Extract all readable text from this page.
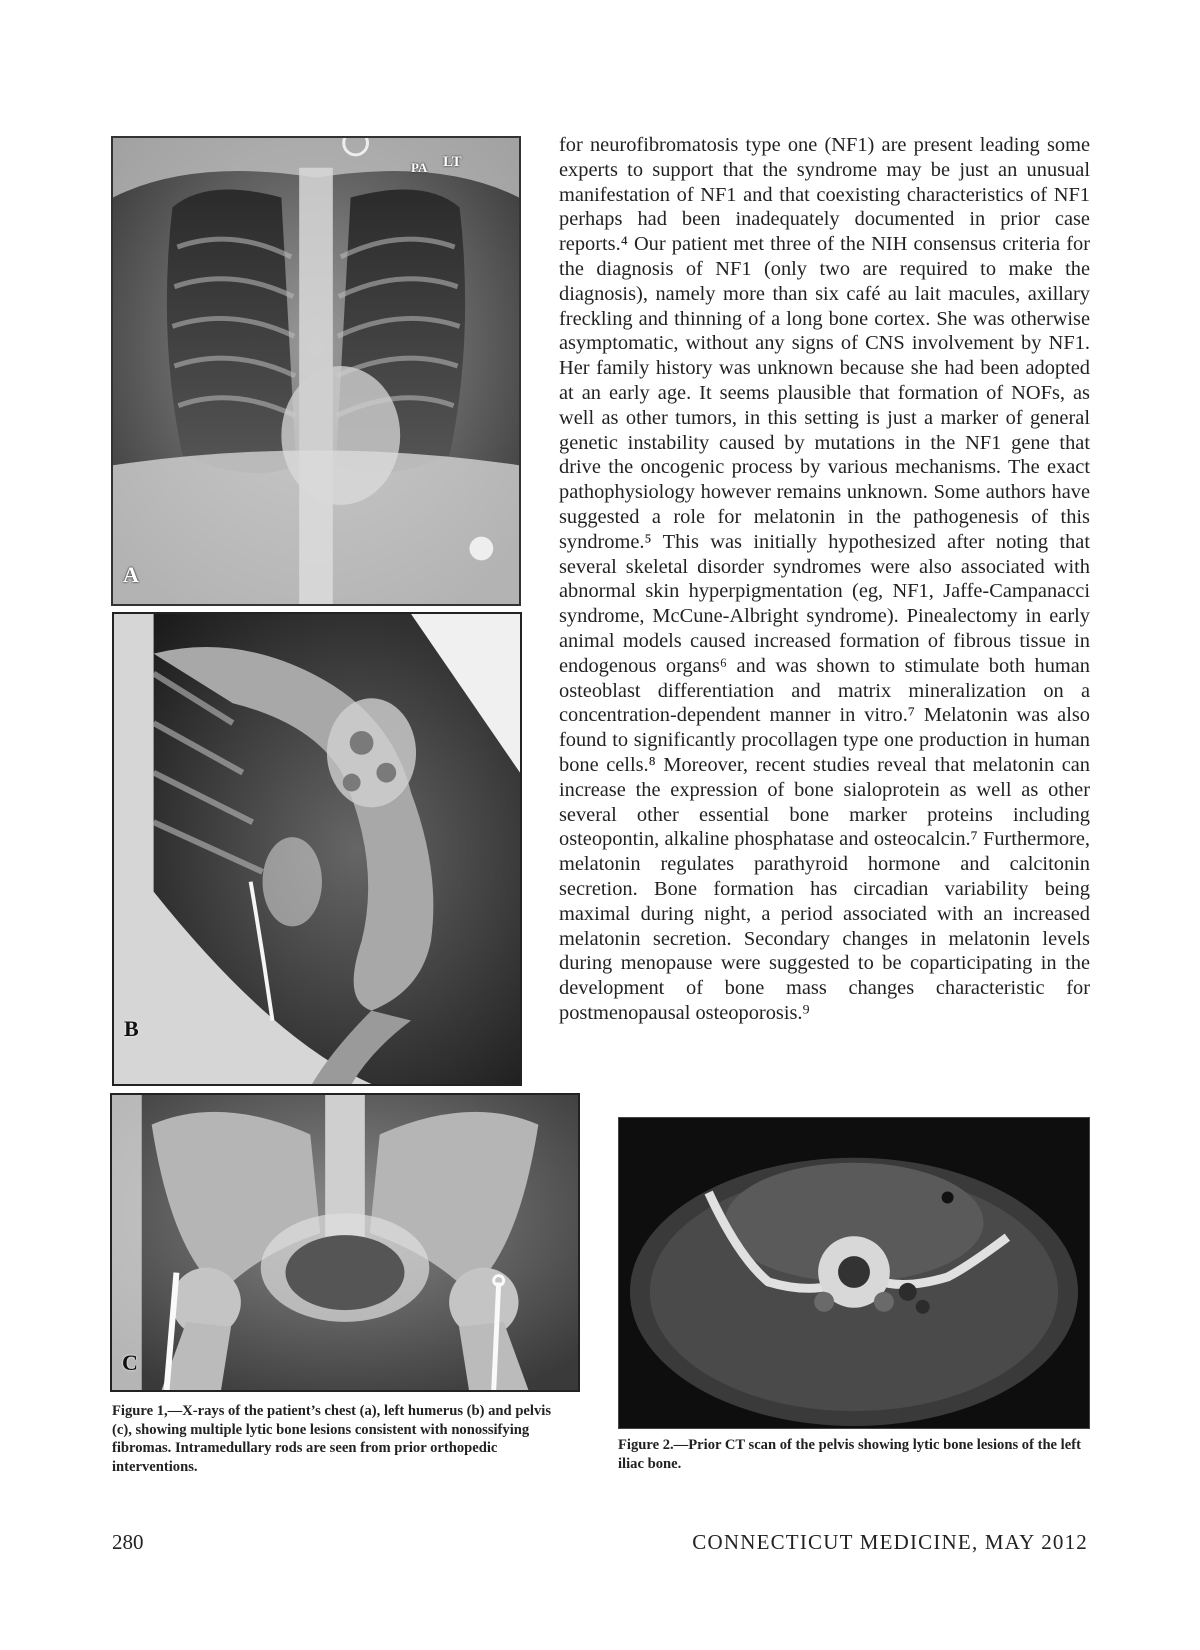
PA LT
A
B
C
for neurofibromatosis type one (NF1) are present leading some experts to support that the syndrome may be just an unusual manifestation of NF1 and that coexisting characteristics of NF1 perhaps had been inadequately documented in prior case reports.⁴ Our patient met three of the NIH consensus criteria for the diagnosis of NF1 (only two are required to make the diagnosis), namely more than six café au lait macules, axillary freckling and thinning of a long bone cortex. She was otherwise asymptomatic, without any signs of CNS involvement by NF1. Her family history was unknown because she had been adopted at an early age. It seems plausible that formation of NOFs, as well as other tumors, in this setting is just a marker of general genetic instability caused by mutations in the NF1 gene that drive the oncogenic process by various mechanisms. The exact pathophysiology however remains unknown. Some authors have suggested a role for melatonin in the pathogenesis of this syndrome.⁵ This was initially hypothesized after noting that several skeletal disorder syndromes were also associated with abnormal skin hyperpigmentation (eg, NF1, Jaffe-Campanacci syndrome, McCune-Albright syndrome). Pinealectomy in early animal models caused increased formation of fibrous tissue in endogenous organs⁶ and was shown to stimulate both human osteoblast differentiation and matrix mineralization on a concentration-dependent manner in vitro.⁷ Melatonin was also found to significantly procollagen type one production in human bone cells.⁸ Moreover, recent studies reveal that melatonin can increase the expression of bone sialoprotein as well as other several other essential bone marker proteins including osteopontin, alkaline phosphatase and osteocalcin.⁷ Furthermore, melatonin regulates parathyroid hormone and calcitonin secretion. Bone formation has circadian variability being maximal during night, a period associated with an increased melatonin secretion. Secondary changes in melatonin levels during menopause were suggested to be coparticipating in the development of bone mass changes characteristic for postmenopausal osteoporosis.⁹
Figure 1,—X-rays of the patient’s chest (a), left humerus (b) and pelvis (c), showing multiple lytic bone lesions consistent with nonossifying fibromas. Intramedullary rods are seen from prior orthopedic interventions.
Figure 2.—Prior CT scan of the pelvis showing lytic bone lesions of the left iliac bone.
280	CONNECTICUT MEDICINE, MAY 2012
